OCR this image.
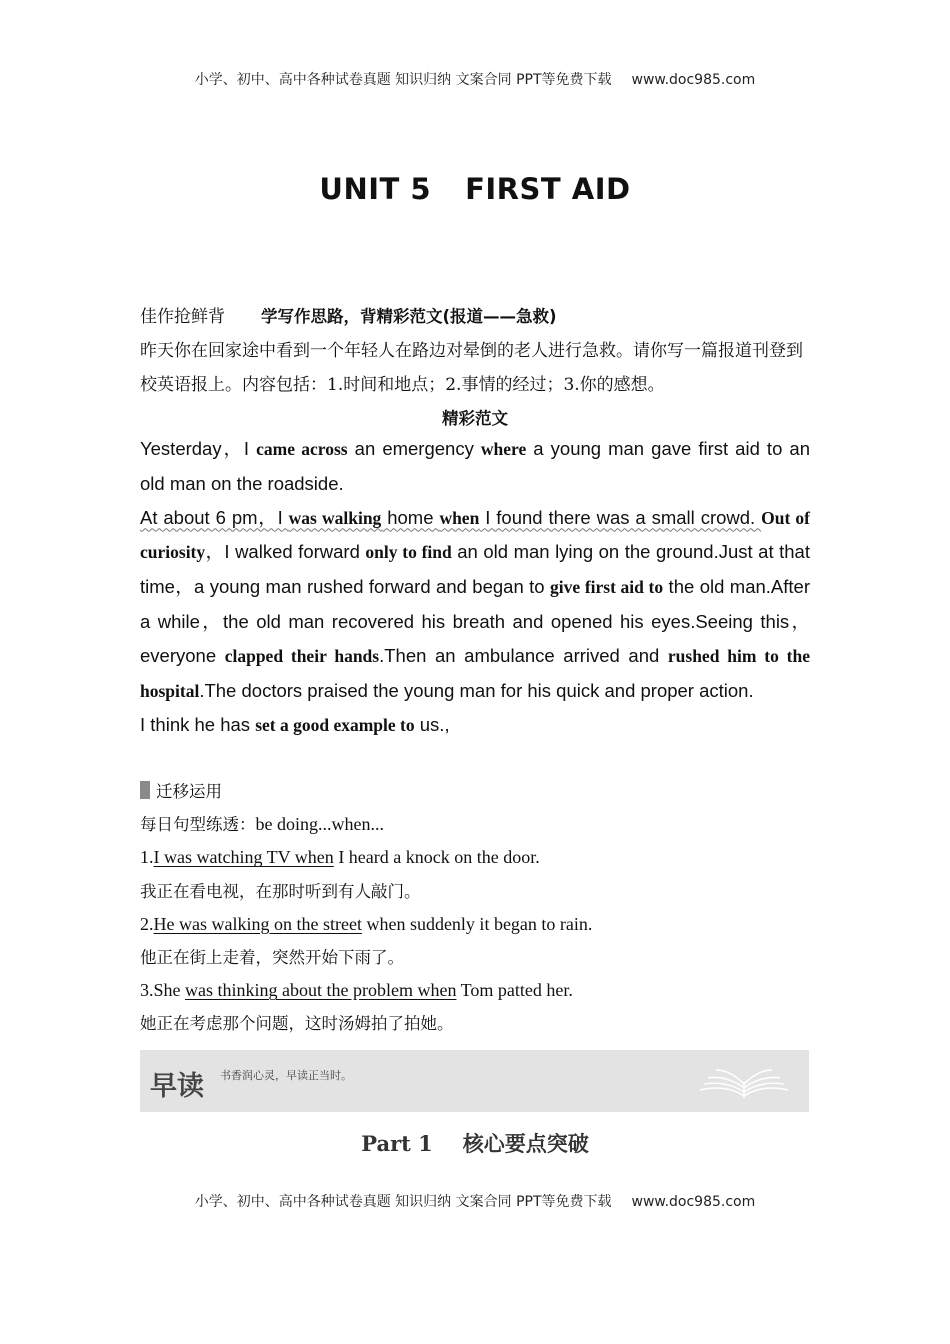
小学、初中、高中各种试卷真题 知识归纳 文案合同 PPT等免费下载 www.doc985.com
UNIT 5 FIRST AID
佳作抢鲜背 学写作思路，背精彩范文(报道——急救)
昨天你在回家途中看到一个年轻人在路边对晕倒的老人进行急救。请你写一篇报道刊登到校英语报上。内容包括：1.时间和地点；2.事情的经过；3.你的感想。
精彩范文

Yesterday，I came across an emergency where a young man gave first aid to an old man on the roadside.

At about 6 pm，I was walking home when I found there was a small crowd. Out of curiosity，I walked forward only to find an old man lying on the ground.Just at that time，a young man rushed forward and began to give first aid to the old man.After a while，the old man recovered his breath and opened his eyes.Seeing this，everyone clapped their hands.Then an ambulance arrived and rushed him to the hospital.The doctors praised the young man for his quick and proper action.

I think he has set a good example to us.,

迁移运用

每日句型练透：be doing...when...

1.I was watching TV when I heard a knock on the door.

我正在看电视，在那时听到有人敲门。

2.He was walking on the street when suddenly it began to rain.

他正在街上走着，突然开始下雨了。

3.She was thinking about the problem when Tom patted her.

她正在考虑那个问题，这时汤姆拍了拍她。

早读 书香润心灵，早读正当时。
Part 1 核心要点突破
小学、初中、高中各种试卷真题 知识归纳 文案合同 PPT等免费下载 www.doc985.com
